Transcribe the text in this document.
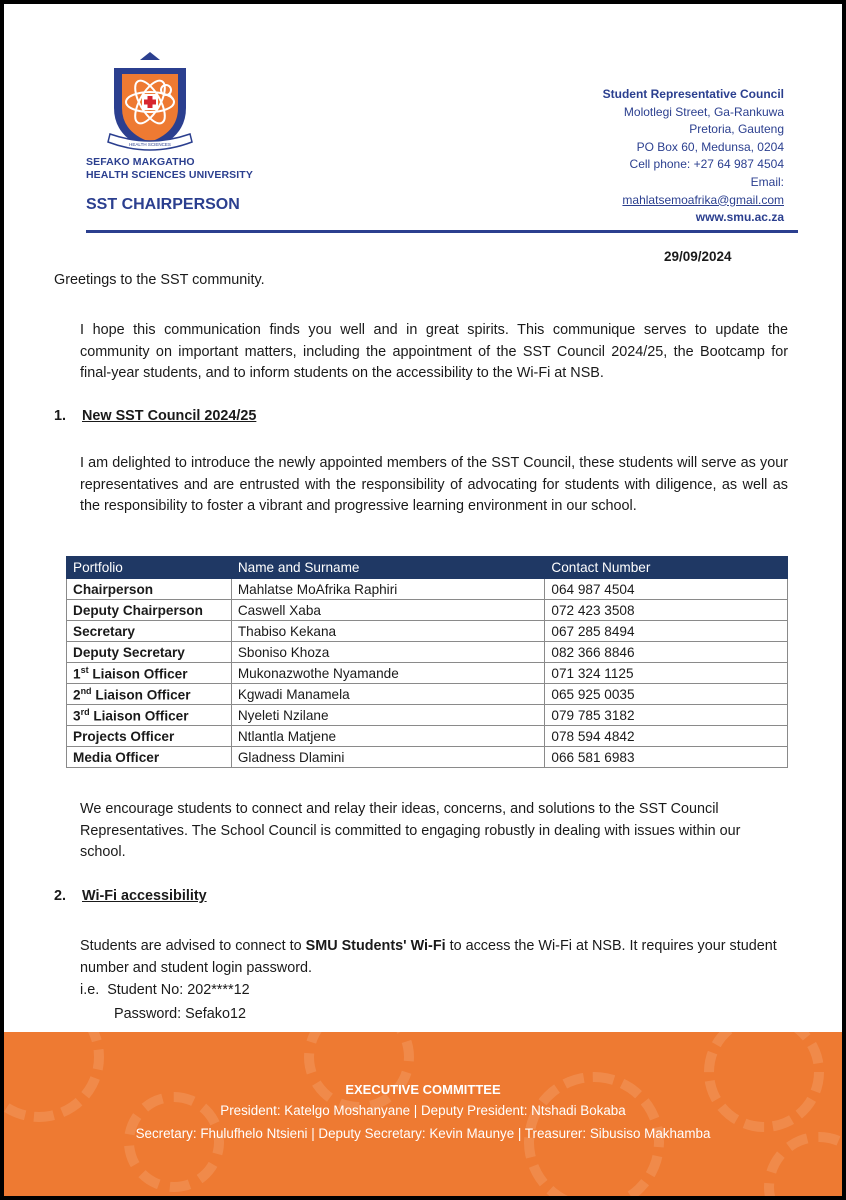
HEALTH SCIENCES
SEFAKO MAKGATHO
HEALTH SCIENCES UNIVERSITY
SST CHAIRPERSON
Student Representative Council
Molotlegi Street, Ga-Rankuwa
Pretoria, Gauteng
PO Box 60, Medunsa, 0204
Cell phone: +27 64 987 4504
Email:
mahlatsemoafrika@gmail.com
www.smu.ac.za
29/09/2024
Greetings to the SST community.
I hope this communication finds you well and in great spirits. This communique serves to update the community on important matters, including the appointment of the SST Council 2024/25, the Bootcamp for final-year students, and to inform students on the accessibility to the Wi-Fi at NSB.
1. New SST Council 2024/25
I am delighted to introduce the newly appointed members of the SST Council, these students will serve as your representatives and are entrusted with the responsibility of advocating for students with diligence, as well as the responsibility to foster a vibrant and progressive learning environment in our school.
Portfolio	Name and Surname	Contact Number
Chairperson	Mahlatse MoAfrika Raphiri	064 987 4504
Deputy Chairperson	Caswell Xaba	072 423 3508
Secretary	Thabiso Kekana	067 285 8494
Deputy Secretary	Sboniso Khoza	082 366 8846
1st Liaison Officer	Mukonazwothe Nyamande	071 324 1125
2nd Liaison Officer	Kgwadi Manamela	065 925 0035
3rd Liaison Officer	Nyeleti Nzilane	079 785 3182
Projects Officer	Ntlantla Matjene	078 594 4842
Media Officer	Gladness Dlamini	066 581 6983
We encourage students to connect and relay their ideas, concerns, and solutions to the SST Council Representatives. The School Council is committed to engaging robustly in dealing with issues within our school.
2. Wi-Fi accessibility
Students are advised to connect to SMU Students' Wi-Fi to access the Wi-Fi at NSB. It requires your student number and student login password.
i.e.  Student No: 202****12
Password: Sefako12
EXECUTIVE COMMITTEE
President: Katelgo Moshanyane | Deputy President: Ntshadi Bokaba
Secretary: Fhulufhelo Ntsieni | Deputy Secretary: Kevin Maunye | Treasurer: Sibusiso Makhamba
